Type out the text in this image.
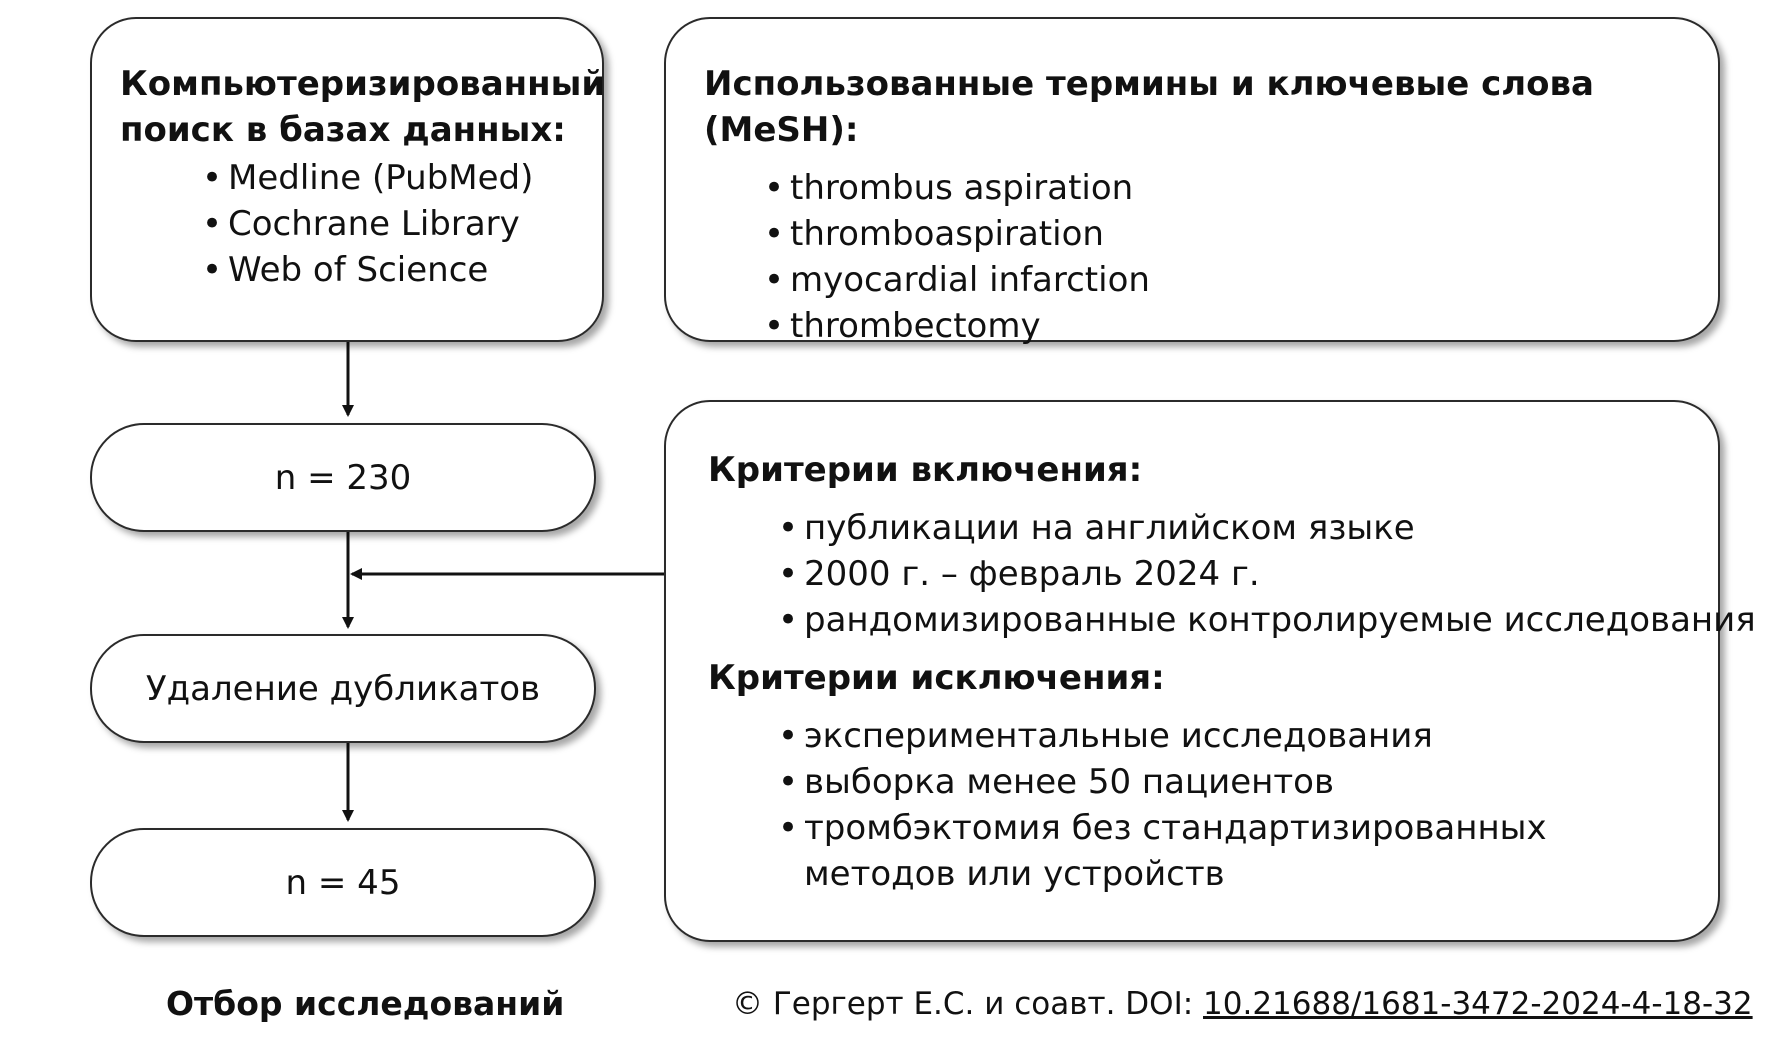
Компьютеризированный
поиск в базах данных:
• Medline (PubMed)
• Cochrane Library
• Web of Science
Использованные термины и ключевые слова (MeSH):
• thrombus aspiration
• thromboaspiration
• myocardial infarction
• thrombectomy
n = 230
Удаление дубликатов
n = 45
Критерии включения:
• публикации на английском языке
• 2000 г. – февраль 2024 г.
• рандомизированные контролируемые исследования
Критерии исключения:
• экспериментальные исследования
• выборка менее 50 пациентов
• тромбэктомия без стандартизированных
методов или устройств
Отбор исследований	© Гергерт Е.С. и соавт. DOI: 10.21688/1681-3472-2024-4-18-32
